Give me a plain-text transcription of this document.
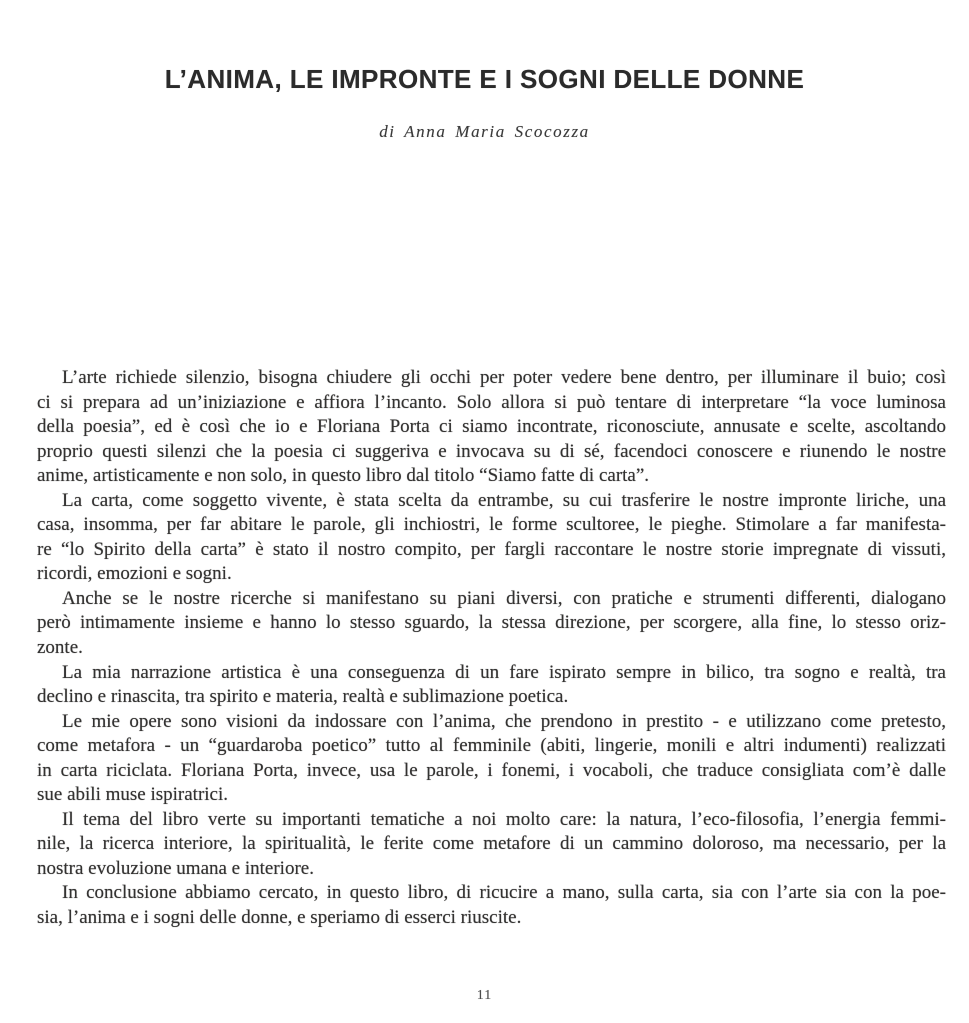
L’ANIMA, LE IMPRONTE E I SOGNI DELLE DONNE
di Anna Maria Scocozza

L’arte richiede silenzio, bisogna chiudere gli occhi per poter vedere bene dentro, per illuminare il buio; così
ci si prepara ad un’iniziazione e affiora l’incanto. Solo allora si può tentare di interpretare “la voce luminosa
della poesia”, ed è così che io e Floriana Porta ci siamo incontrate, riconosciute, annusate e scelte, ascoltando
proprio questi silenzi che la poesia ci suggeriva e invocava su di sé, facendoci conoscere e riunendo le nostre
anime, artisticamente e non solo, in questo libro dal titolo “Siamo fatte di carta”.

La carta, come soggetto vivente, è stata scelta da entrambe, su cui trasferire le nostre impronte liriche, una
casa, insomma, per far abitare le parole, gli inchiostri, le forme scultoree, le pieghe. Stimolare a far manifesta-
re “lo Spirito della carta” è stato il nostro compito, per fargli raccontare le nostre storie impregnate di vissuti,
ricordi, emozioni e sogni.

Anche se le nostre ricerche si manifestano su piani diversi, con pratiche e strumenti differenti, dialogano
però intimamente insieme e hanno lo stesso sguardo, la stessa direzione, per scorgere, alla fine, lo stesso oriz-
zonte.

La mia narrazione artistica è una conseguenza di un fare ispirato sempre in bilico, tra sogno e realtà, tra
declino e rinascita, tra spirito e materia, realtà e sublimazione poetica.

Le mie opere sono visioni da indossare con l’anima, che prendono in prestito - e utilizzano come pretesto,
come metafora - un “guardaroba poetico” tutto al femminile (abiti, lingerie, monili e altri indumenti) realizzati
in carta riciclata. Floriana Porta, invece, usa le parole, i fonemi, i vocaboli, che traduce consigliata com’è dalle
sue abili muse ispiratrici.

Il tema del libro verte su importanti tematiche a noi molto care: la natura, l’eco-filosofia, l’energia femmi-
nile, la ricerca interiore, la spiritualità, le ferite come metafore di un cammino doloroso, ma necessario, per la
nostra evoluzione umana e interiore.

In conclusione abbiamo cercato, in questo libro, di ricucire a mano, sulla carta, sia con l’arte sia con la poe-
sia, l’anima e i sogni delle donne, e speriamo di esserci riuscite.

11
